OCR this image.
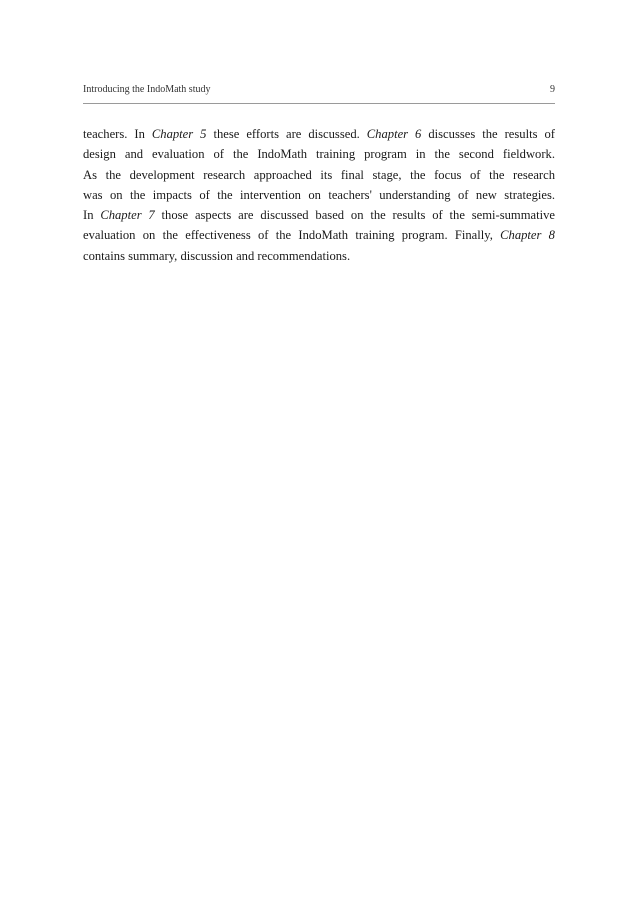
Introducing the IndoMath study	9
teachers. In Chapter 5 these efforts are discussed. Chapter 6 discusses the results of
design and evaluation of the IndoMath training program in the second fieldwork.
As the development research approached its final stage, the focus of the research
was on the impacts of the intervention on teachers' understanding of new strategies.
In Chapter 7 those aspects are discussed based on the results of the semi-summative
evaluation on the effectiveness of the IndoMath training program. Finally, Chapter 8
contains summary, discussion and recommendations.
